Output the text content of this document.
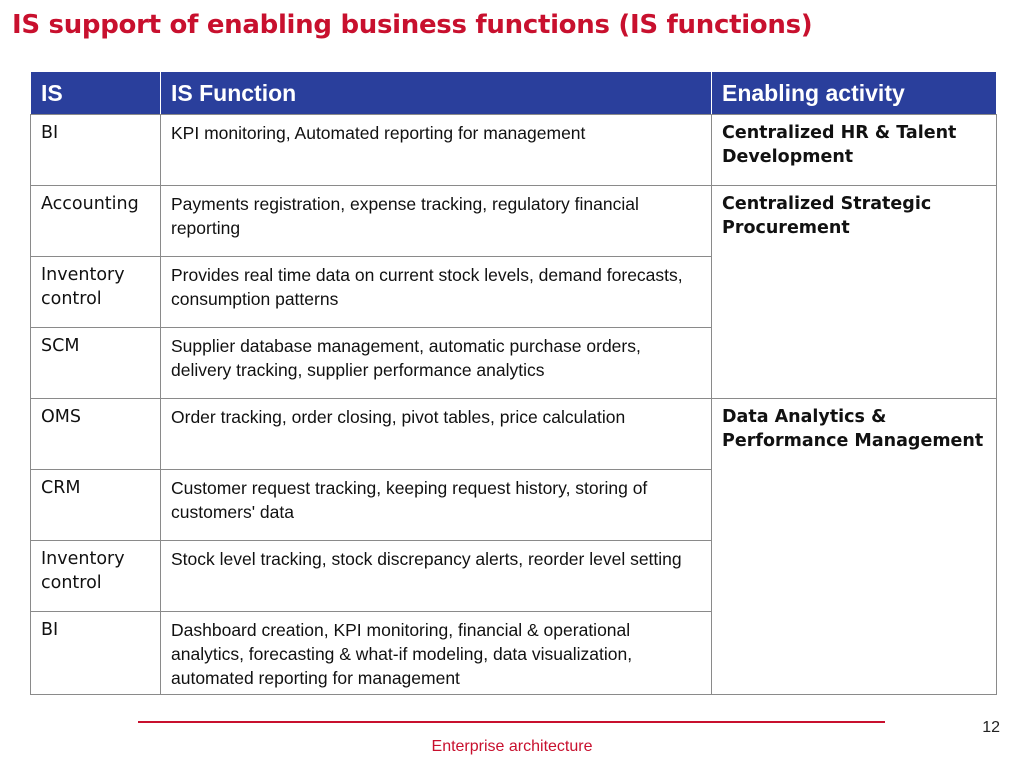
IS support of enabling business functions (IS functions)
IS	IS Function	Enabling activity
BI	KPI monitoring, Automated reporting for management	Centralized HR & Talent Development
Accounting	Payments registration, expense tracking, regulatory financial reporting	Centralized Strategic Procurement
Inventory control	Provides real time data on current stock levels, demand forecasts, consumption patterns	
SCM	Supplier database management, automatic purchase orders, delivery tracking, supplier performance analytics	
OMS	Order tracking, order closing, pivot tables, price calculation	Data Analytics & Performance Management
CRM	Customer request tracking, keeping request history, storing of customers' data	
Inventory control	Stock level tracking, stock discrepancy alerts, reorder level setting	
BI	Dashboard creation, KPI monitoring, financial & operational analytics, forecasting & what-if modeling, data visualization, automated reporting for management	
Enterprise architecture
12
